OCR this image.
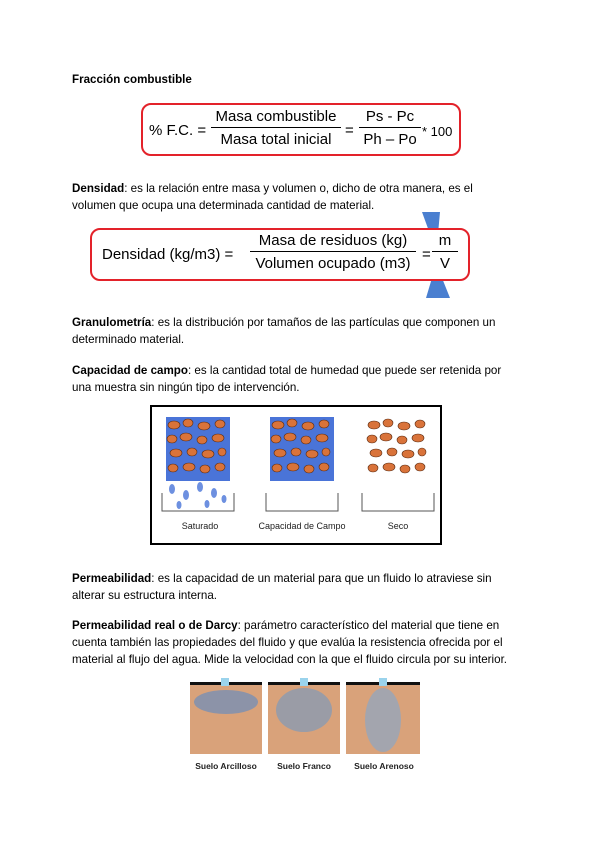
Fracción combustible
% F.C. =
Masa combustible
Masa total inicial
= $\frac{Ps - Pc}{Ph - Po} * 100$
Densidad: es la relación entre masa y volumen o, dicho de otra manera, es el
volumen que ocupa una determinada cantidad de material.
Densidad (kg/m3) =
Masa de residuos (kg)
Volumen ocupado (m3)
= $\frac{m}{V}$
Granulometría: es la distribución por tamaños de las partículas que componen un
determinado material.
Capacidad de campo: es la cantidad total de humedad que puede ser retenida por
una muestra sin ningún tipo de intervención.
Saturado	Capacidad de Campo	Seco
Permeabilidad: es la capacidad de un material para que un fluido lo atraviese sin
alterar su estructura interna.
Permeabilidad real o de Darcy: parámetro característico del material que tiene en
cuenta también las propiedades del fluido y que evalúa la resistencia ofrecida por el
material al flujo del agua. Mide la velocidad con la que el fluido circula por su interior.
Suelo Arcilloso	Suelo Franco	Suelo Arenoso
